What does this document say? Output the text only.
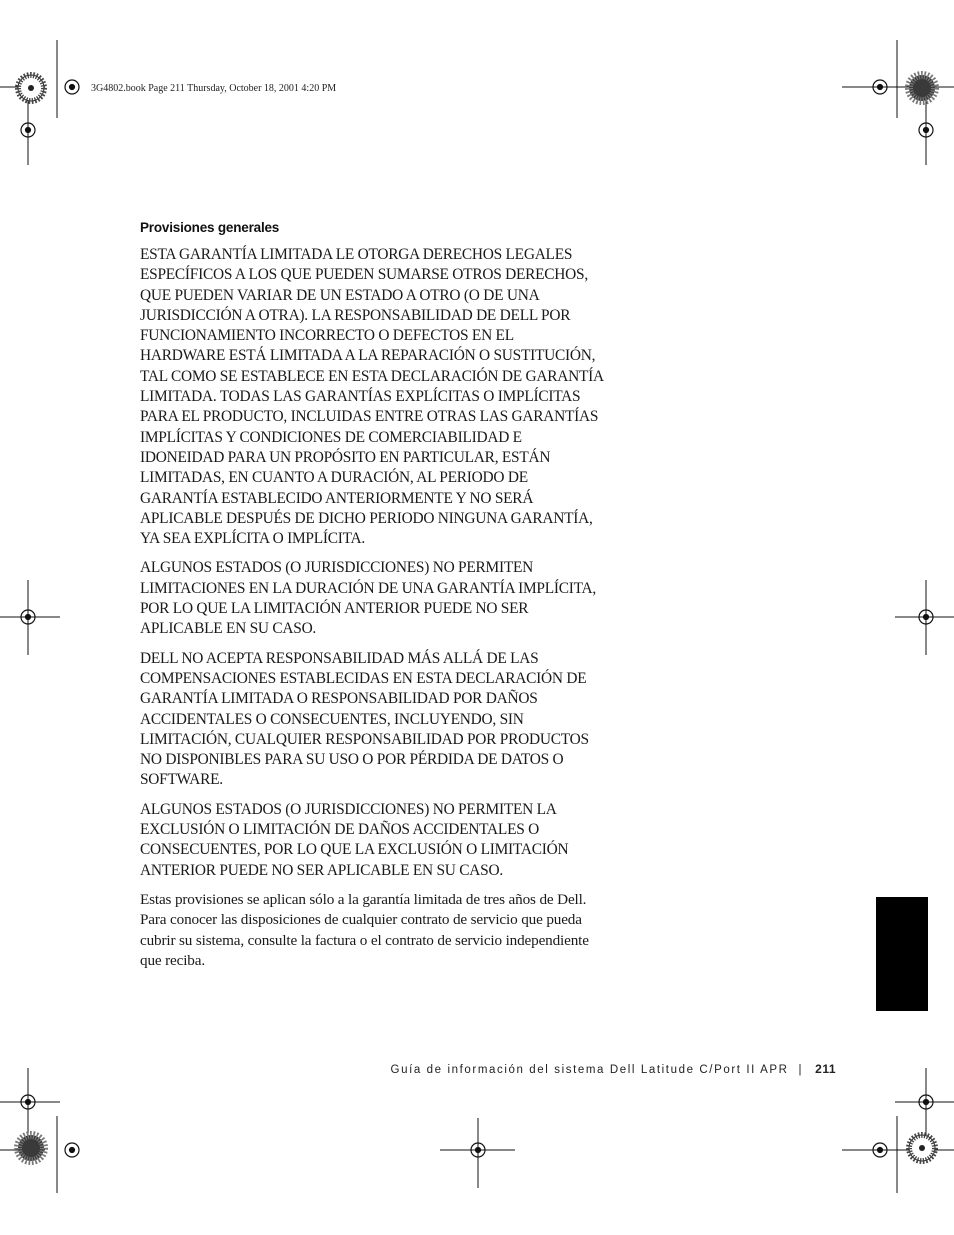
3G4802.book Page 211 Thursday, October 18, 2001 4:20 PM
Provisiones generales

ESTA GARANTÍA LIMITADA LE OTORGA DERECHOS LEGALES
ESPECÍFICOS A LOS QUE PUEDEN SUMARSE OTROS DERECHOS,
QUE PUEDEN VARIAR DE UN ESTADO A OTRO (O DE UNA
JURISDICCIÓN A OTRA). LA RESPONSABILIDAD DE DELL POR
FUNCIONAMIENTO INCORRECTO O DEFECTOS EN EL
HARDWARE ESTÁ LIMITADA A LA REPARACIÓN O SUSTITUCIÓN,
TAL COMO SE ESTABLECE EN ESTA DECLARACIÓN DE GARANTÍA
LIMITADA. TODAS LAS GARANTÍAS EXPLÍCITAS O IMPLÍCITAS
PARA EL PRODUCTO, INCLUIDAS ENTRE OTRAS LAS GARANTÍAS
IMPLÍCITAS Y CONDICIONES DE COMERCIABILIDAD E
IDONEIDAD PARA UN PROPÓSITO EN PARTICULAR, ESTÁN
LIMITADAS, EN CUANTO A DURACIÓN, AL PERIODO DE
GARANTÍA ESTABLECIDO ANTERIORMENTE Y NO SERÁ
APLICABLE DESPUÉS DE DICHO PERIODO NINGUNA GARANTÍA,
YA SEA EXPLÍCITA O IMPLÍCITA.

ALGUNOS ESTADOS (O JURISDICCIONES) NO PERMITEN
LIMITACIONES EN LA DURACIÓN DE UNA GARANTÍA IMPLÍCITA,
POR LO QUE LA LIMITACIÓN ANTERIOR PUEDE NO SER
APLICABLE EN SU CASO.

DELL NO ACEPTA RESPONSABILIDAD MÁS ALLÁ DE LAS
COMPENSACIONES ESTABLECIDAS EN ESTA DECLARACIÓN DE
GARANTÍA LIMITADA O RESPONSABILIDAD POR DAÑOS
ACCIDENTALES O CONSECUENTES, INCLUYENDO, SIN
LIMITACIÓN, CUALQUIER RESPONSABILIDAD POR PRODUCTOS
NO DISPONIBLES PARA SU USO O POR PÉRDIDA DE DATOS O
SOFTWARE.

ALGUNOS ESTADOS (O JURISDICCIONES) NO PERMITEN LA
EXCLUSIÓN O LIMITACIÓN DE DAÑOS ACCIDENTALES O
CONSECUENTES, POR LO QUE LA EXCLUSIÓN O LIMITACIÓN
ANTERIOR PUEDE NO SER APLICABLE EN SU CASO.

Estas provisiones se aplican sólo a la garantía limitada de tres años de Dell.
Para conocer las disposiciones de cualquier contrato de servicio que pueda
cubrir su sistema, consulte la factura o el contrato de servicio independiente
que reciba.

Guía de información del sistema Dell Latitude C/Port II APR | 211
